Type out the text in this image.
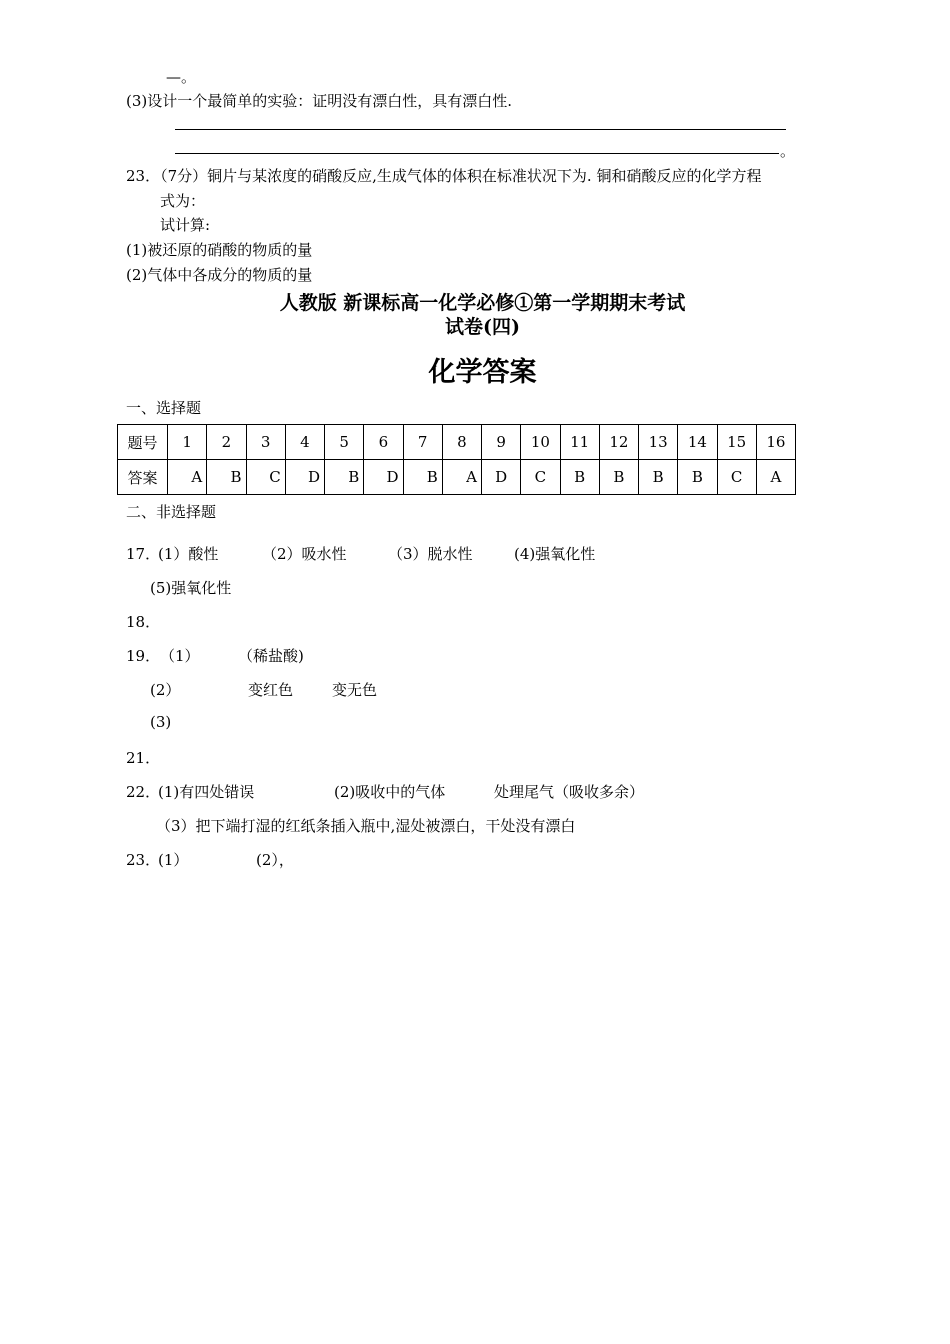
—。
(3)设计一个最简单的实验：证明没有漂白性，具有漂白性.
。
23．（7分）铜片与某浓度的硝酸反应,生成气体的体积在标准状况下为. 铜和硝酸反应的化学方程
式为：
试计算:
(1)被还原的硝酸的物质的量
(2)气体中各成分的物质的量
人教版 新课标高一化学必修①第一学期期末考试
试卷(四)
化学答案
一、选择题
题号	1	2	3	4	5	6	7	8	9	10	11	12	13	14	15	16
答案	A	B	C	D	B	D	B	A	D	C	B	B	B	B	C	A
二、非选择题
17．
(1）酸性	（2）吸水性	（3）脱水性	(4)强氧化性
(5)强氧化性
18．
19． （1）	（稀盐酸)
(2）	变红色	变无色
(3)
21．
22．
(1)有四处错误	(2)吸收中的气体	处理尾气（吸收多余）
（3）把下端打湿的红纸条插入瓶中,湿处被漂白，干处没有漂白
23．
(1）	(2），
